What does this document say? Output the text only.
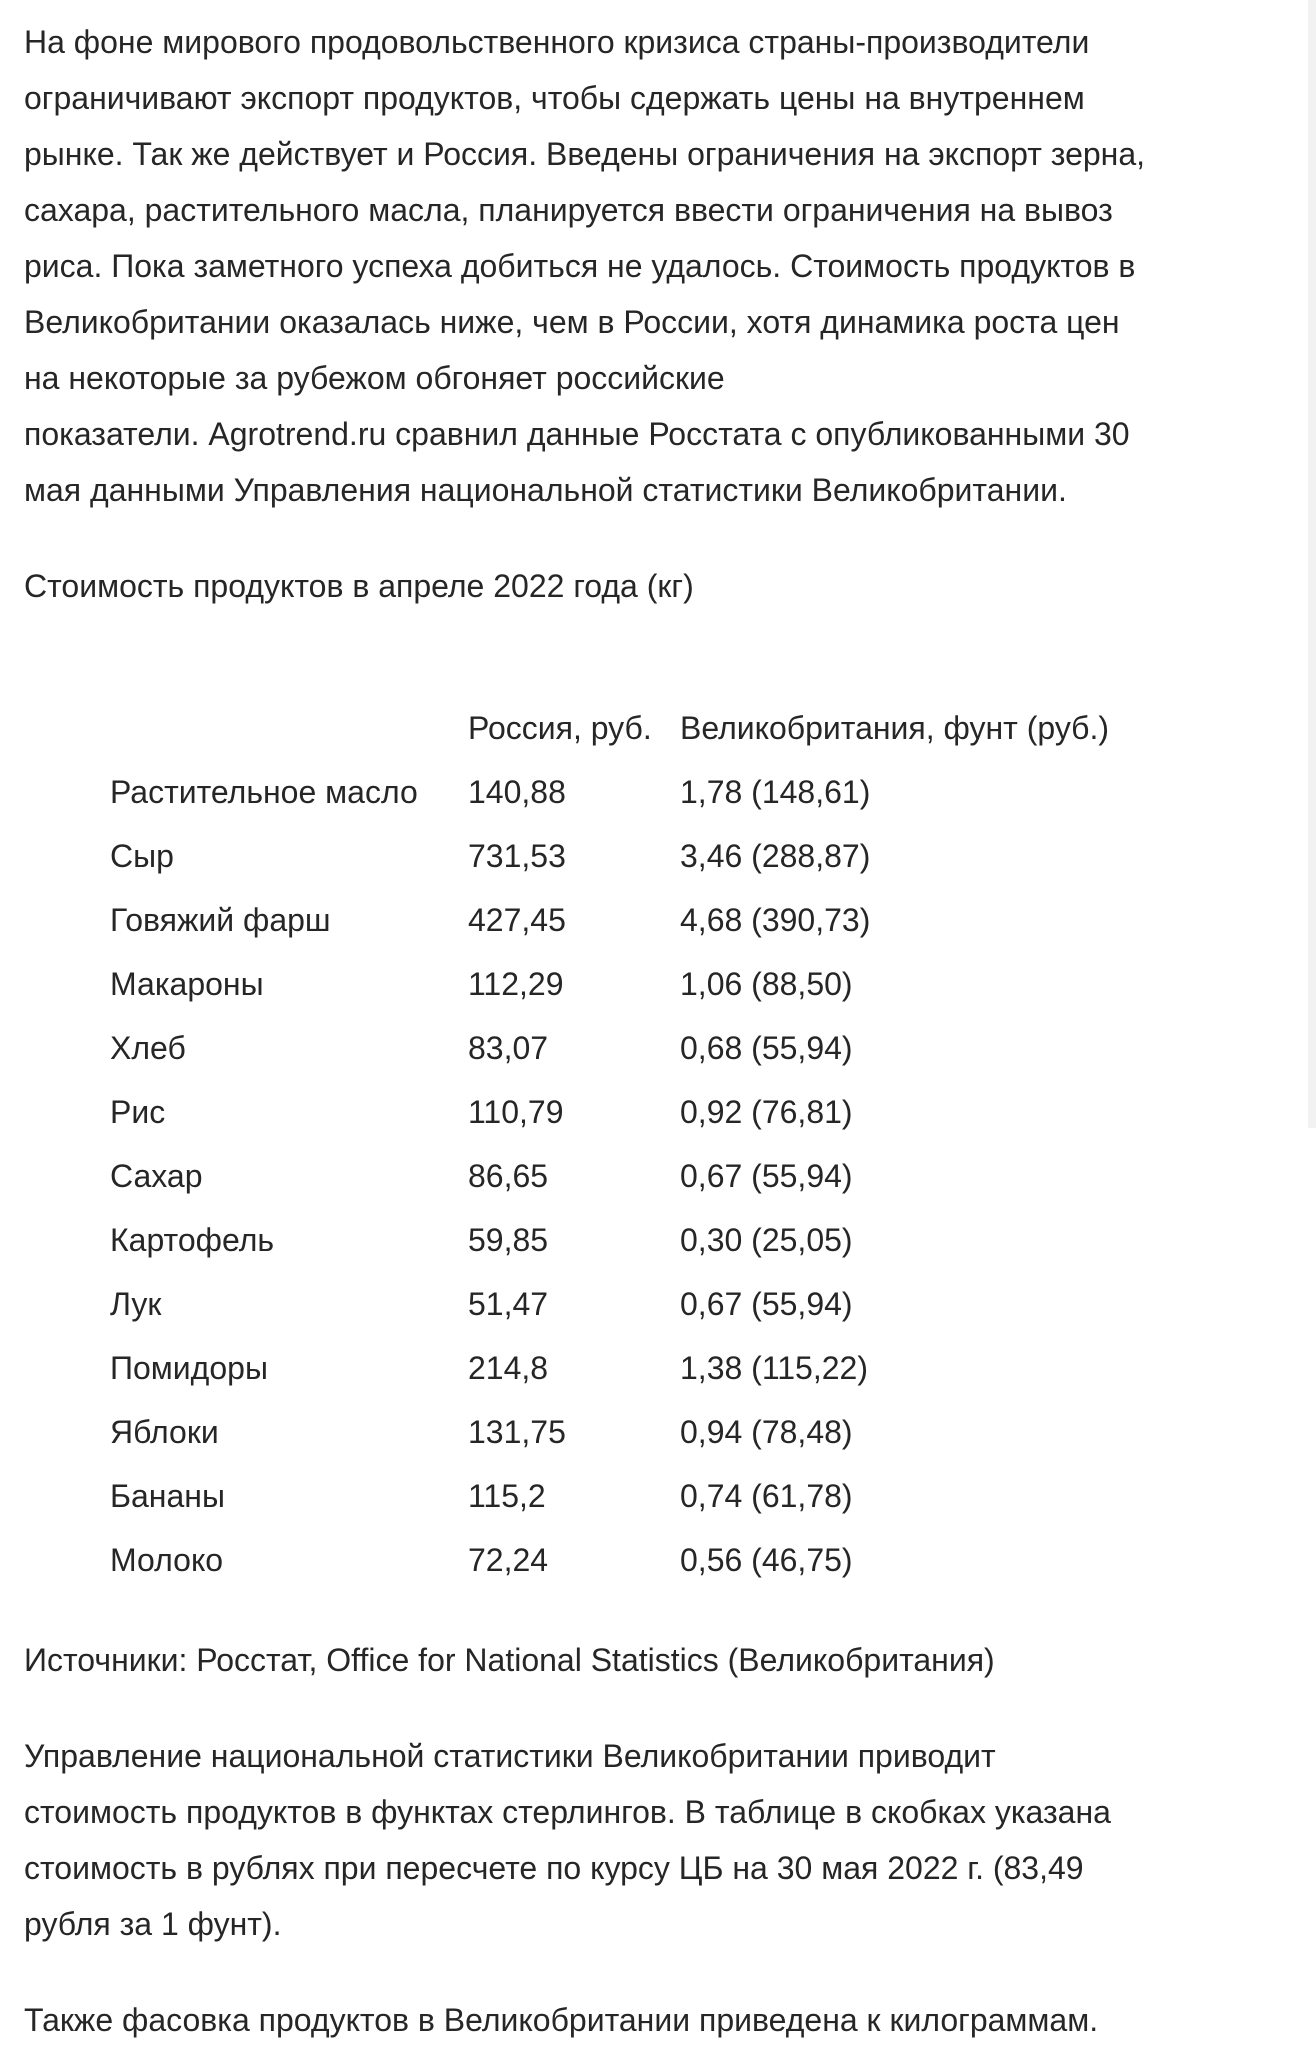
На фоне мирового продовольственного кризиса страны-производители
ограничивают экспорт продуктов, чтобы сдержать цены на внутреннем
рынке. Так же действует и Россия. Введены ограничения на экспорт зерна,
сахара, растительного масла, планируется ввести ограничения на вывоз
риса. Пока заметного успеха добиться не удалось. Стоимость продуктов в
Великобритании оказалась ниже, чем в России, хотя динамика роста цен
на некоторые за рубежом обгоняет российские
показатели. Agrotrend.ru сравнил данные Росстата с опубликованными 30
мая данными Управления национальной статистики Великобритании.

Стоимость продуктов в апреле 2022 года (кг)

	Россия, руб.	Великобритания, фунт (руб.)
Растительное масло	140,88	1,78 (148,61)
Сыр	731,53	3,46 (288,87)
Говяжий фарш	427,45	4,68 (390,73)
Макароны	112,29	1,06 (88,50)
Хлеб	83,07	0,68 (55,94)
Рис	110,79	0,92 (76,81)
Сахар	86,65	0,67 (55,94)
Картофель	59,85	0,30 (25,05)
Лук	51,47	0,67 (55,94)
Помидоры	214,8	1,38 (115,22)
Яблоки	131,75	0,94 (78,48)
Бананы	115,2	0,74 (61,78)
Молоко	72,24	0,56 (46,75)

Источники: Росстат, Office for National Statistics (Великобритания)

Управление национальной статистики Великобритании приводит
стоимость продуктов в функтах стерлингов. В таблице в скобках указана
стоимость в рублях при пересчете по курсу ЦБ на 30 мая 2022 г. (83,49
рубля за 1 фунт).

Также фасовка продуктов в Великобритании приведена к килограммам.
